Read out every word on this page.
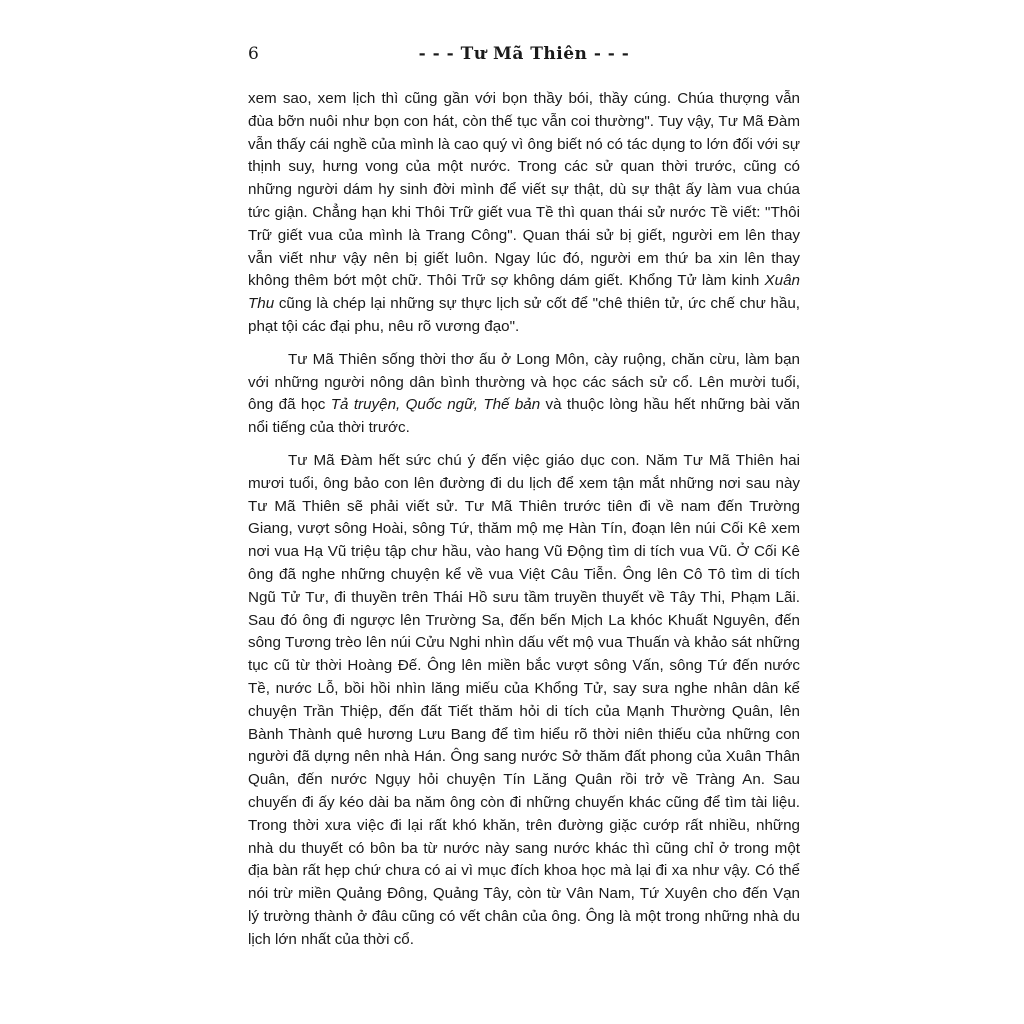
6	- - - Tư Mã Thiên - - -

xem sao, xem lịch thì cũng gần với bọn thầy bói, thầy cúng. Chúa thượng vẫn đùa bỡn nuôi như bọn con hát, còn thế tục vẫn coi thường". Tuy vậy, Tư Mã Đàm vẫn thấy cái nghề của mình là cao quý vì ông biết nó có tác dụng to lớn đối với sự thịnh suy, hưng vong của một nước. Trong các sử quan thời trước, cũng có những người dám hy sinh đời mình để viết sự thật, dù sự thật ấy làm vua chúa tức giận. Chẳng hạn khi Thôi Trữ giết vua Tề thì quan thái sử nước Tề viết: "Thôi Trữ giết vua của mình là Trang Công". Quan thái sử bị giết, người em lên thay vẫn viết như vậy nên bị giết luôn. Ngay lúc đó, người em thứ ba xin lên thay không thêm bớt một chữ. Thôi Trữ sợ không dám giết. Khổng Tử làm kinh Xuân Thu cũng là chép lại những sự thực lịch sử cốt để "chê thiên tử, ức chế chư hầu, phạt tội các đại phu, nêu rõ vương đạo".

Tư Mã Thiên sống thời thơ ấu ở Long Môn, cày ruộng, chăn cừu, làm bạn với những người nông dân bình thường và học các sách sử cổ. Lên mười tuổi, ông đã học Tả truyện, Quốc ngữ, Thế bản và thuộc lòng hầu hết những bài văn nổi tiếng của thời trước.

Tư Mã Đàm hết sức chú ý đến việc giáo dục con. Năm Tư Mã Thiên hai mươi tuổi, ông bảo con lên đường đi du lịch để xem tận mắt những nơi sau này Tư Mã Thiên sẽ phải viết sử. Tư Mã Thiên trước tiên đi về nam đến Trường Giang, vượt sông Hoài, sông Tứ, thăm mộ mẹ Hàn Tín, đoạn lên núi Cối Kê xem nơi vua Hạ Vũ triệu tập chư hầu, vào hang Vũ Động tìm di tích vua Vũ. Ở Cối Kê ông đã nghe những chuyện kể về vua Việt Câu Tiễn. Ông lên Cô Tô tìm di tích Ngũ Tử Tư, đi thuyền trên Thái Hồ sưu tầm truyền thuyết về Tây Thi, Phạm Lãi. Sau đó ông đi ngược lên Trường Sa, đến bến Mịch La khóc Khuất Nguyên, đến sông Tương trèo lên núi Cửu Nghi nhìn dấu vết mộ vua Thuấn và khảo sát những tục cũ từ thời Hoàng Đế. Ông lên miền bắc vượt sông Vấn, sông Tứ đến nước Tề, nước Lỗ, bồi hồi nhìn lăng miếu của Khổng Tử, say sưa nghe nhân dân kể chuyện Trần Thiệp, đến đất Tiết thăm hỏi di tích của Mạnh Thường Quân, lên Bành Thành quê hương Lưu Bang để tìm hiểu rõ thời niên thiếu của những con người đã dựng nên nhà Hán. Ông sang nước Sở thăm đất phong của Xuân Thân Quân, đến nước Ngụy hỏi chuyện Tín Lăng Quân rồi trở về Tràng An. Sau chuyến đi ấy kéo dài ba năm ông còn đi những chuyến khác cũng để tìm tài liệu. Trong thời xưa việc đi lại rất khó khăn, trên đường giặc cướp rất nhiều, những nhà du thuyết có bôn ba từ nước này sang nước khác thì cũng chỉ ở trong một địa bàn rất hẹp chứ chưa có ai vì mục đích khoa học mà lại đi xa như vậy. Có thể nói trừ miền Quảng Đông, Quảng Tây, còn từ Vân Nam, Tứ Xuyên cho đến Vạn lý trường thành ở đâu cũng có vết chân của ông. Ông là một trong những nhà du lịch lớn nhất của thời cổ.
